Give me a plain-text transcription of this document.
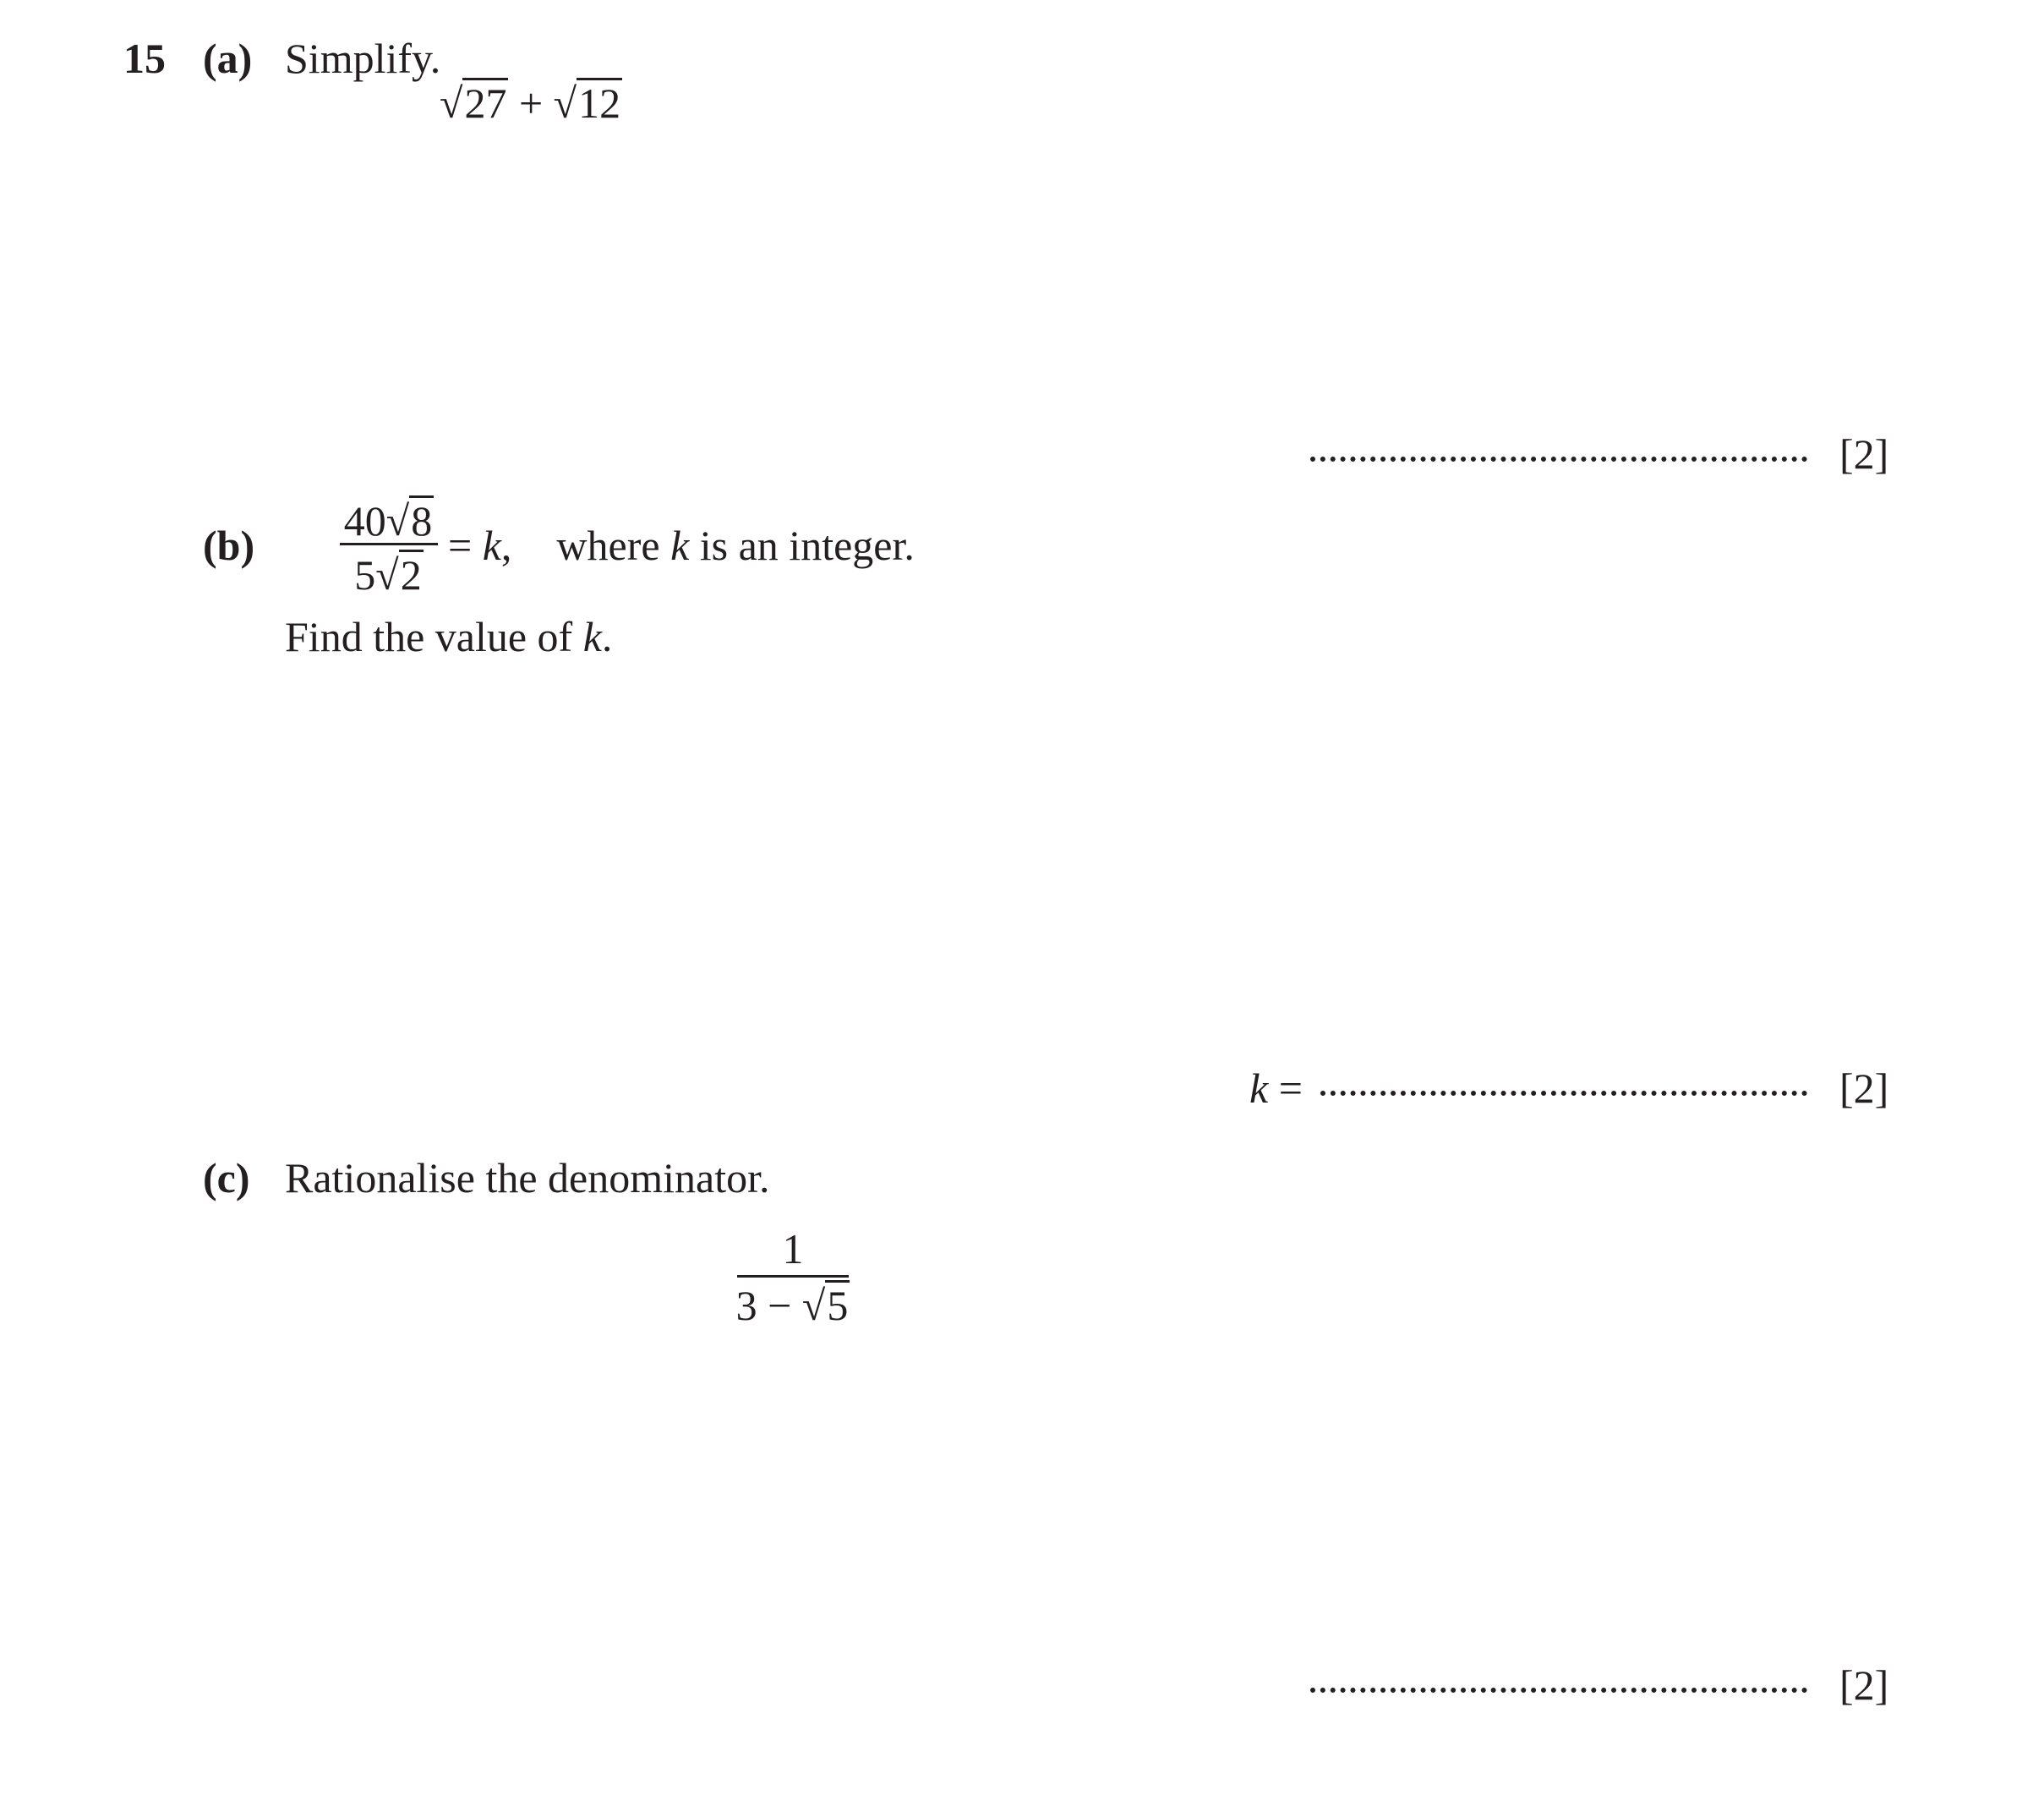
15 (a) Simplify.
√27 + √12
[2]
(b)
40√8
5√2
= k, where k is an integer.
Find the value of k.
k =	[2]
(c) Rationalise the denominator.
1
3 − √5
[2]
